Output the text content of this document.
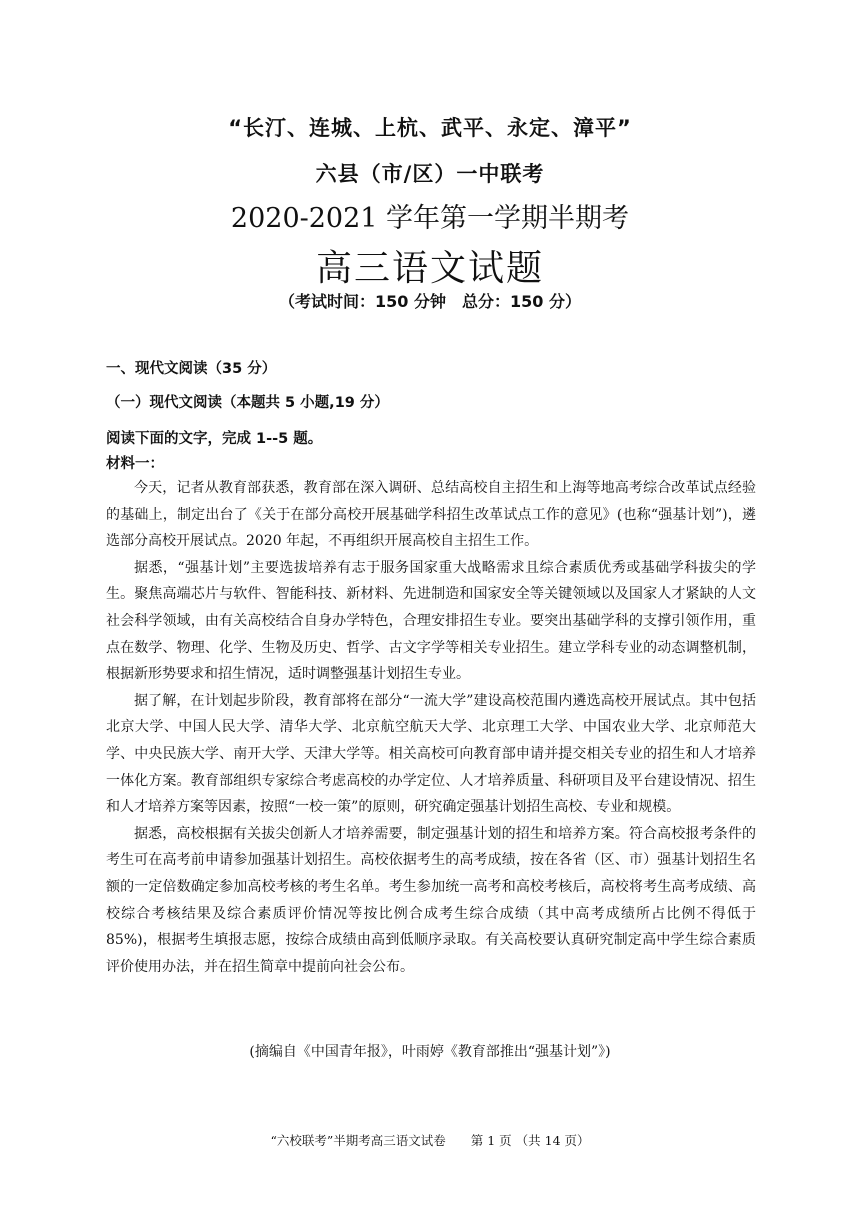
“长汀、连城、上杭、武平、永定、漳平”
六县（市/区）一中联考
2020-2021 学年第一学期半期考
高三语文试题
（考试时间：150 分钟　总分：150 分）
一、现代文阅读（35 分）
（一）现代文阅读（本题共 5 小题,19 分）
阅读下面的文字，完成 1--5 题。
材料一：

今天，记者从教育部获悉，教育部在深入调研、总结高校自主招生和上海等地高考综合改革试点经验的基础上，制定出台了《关于在部分高校开展基础学科招生改革试点工作的意见》(也称“强基计划”)，遴选部分高校开展试点。2020 年起，不再组织开展高校自主招生工作。

据悉，“强基计划”主要选拔培养有志于服务国家重大战略需求且综合素质优秀或基础学科拔尖的学生。聚焦高端芯片与软件、智能科技、新材料、先进制造和国家安全等关键领域以及国家人才紧缺的人文社会科学领域，由有关高校结合自身办学特色，合理安排招生专业。要突出基础学科的支撑引领作用，重点在数学、物理、化学、生物及历史、哲学、古文字学等相关专业招生。建立学科专业的动态调整机制，根据新形势要求和招生情况，适时调整强基计划招生专业。

据了解，在计划起步阶段，教育部将在部分“一流大学”建设高校范围内遴选高校开展试点。其中包括北京大学、中国人民大学、清华大学、北京航空航天大学、北京理工大学、中国农业大学、北京师范大学、中央民族大学、南开大学、天津大学等。相关高校可向教育部申请并提交相关专业的招生和人才培养一体化方案。教育部组织专家综合考虑高校的办学定位、人才培养质量、科研项目及平台建设情况、招生和人才培养方案等因素，按照“一校一策”的原则，研究确定强基计划招生高校、专业和规模。

据悉，高校根据有关拔尖创新人才培养需要，制定强基计划的招生和培养方案。符合高校报考条件的考生可在高考前申请参加强基计划招生。高校依据考生的高考成绩，按在各省（区、市）强基计划招生名额的一定倍数确定参加高校考核的考生名单。考生参加统一高考和高校考核后，高校将考生高考成绩、高校综合考核结果及综合素质评价情况等按比例合成考生综合成绩（其中高考成绩所占比例不得低于 85%)，根据考生填报志愿，按综合成绩由高到低顺序录取。有关高校要认真研究制定高中学生综合素质评价使用办法，并在招生简章中提前向社会公布。

(摘编自《中国青年报》，叶雨婷《教育部推出“强基计划”》)
“六校联考”半期考高三语文试卷　　第 1 页 （共 14 页）
